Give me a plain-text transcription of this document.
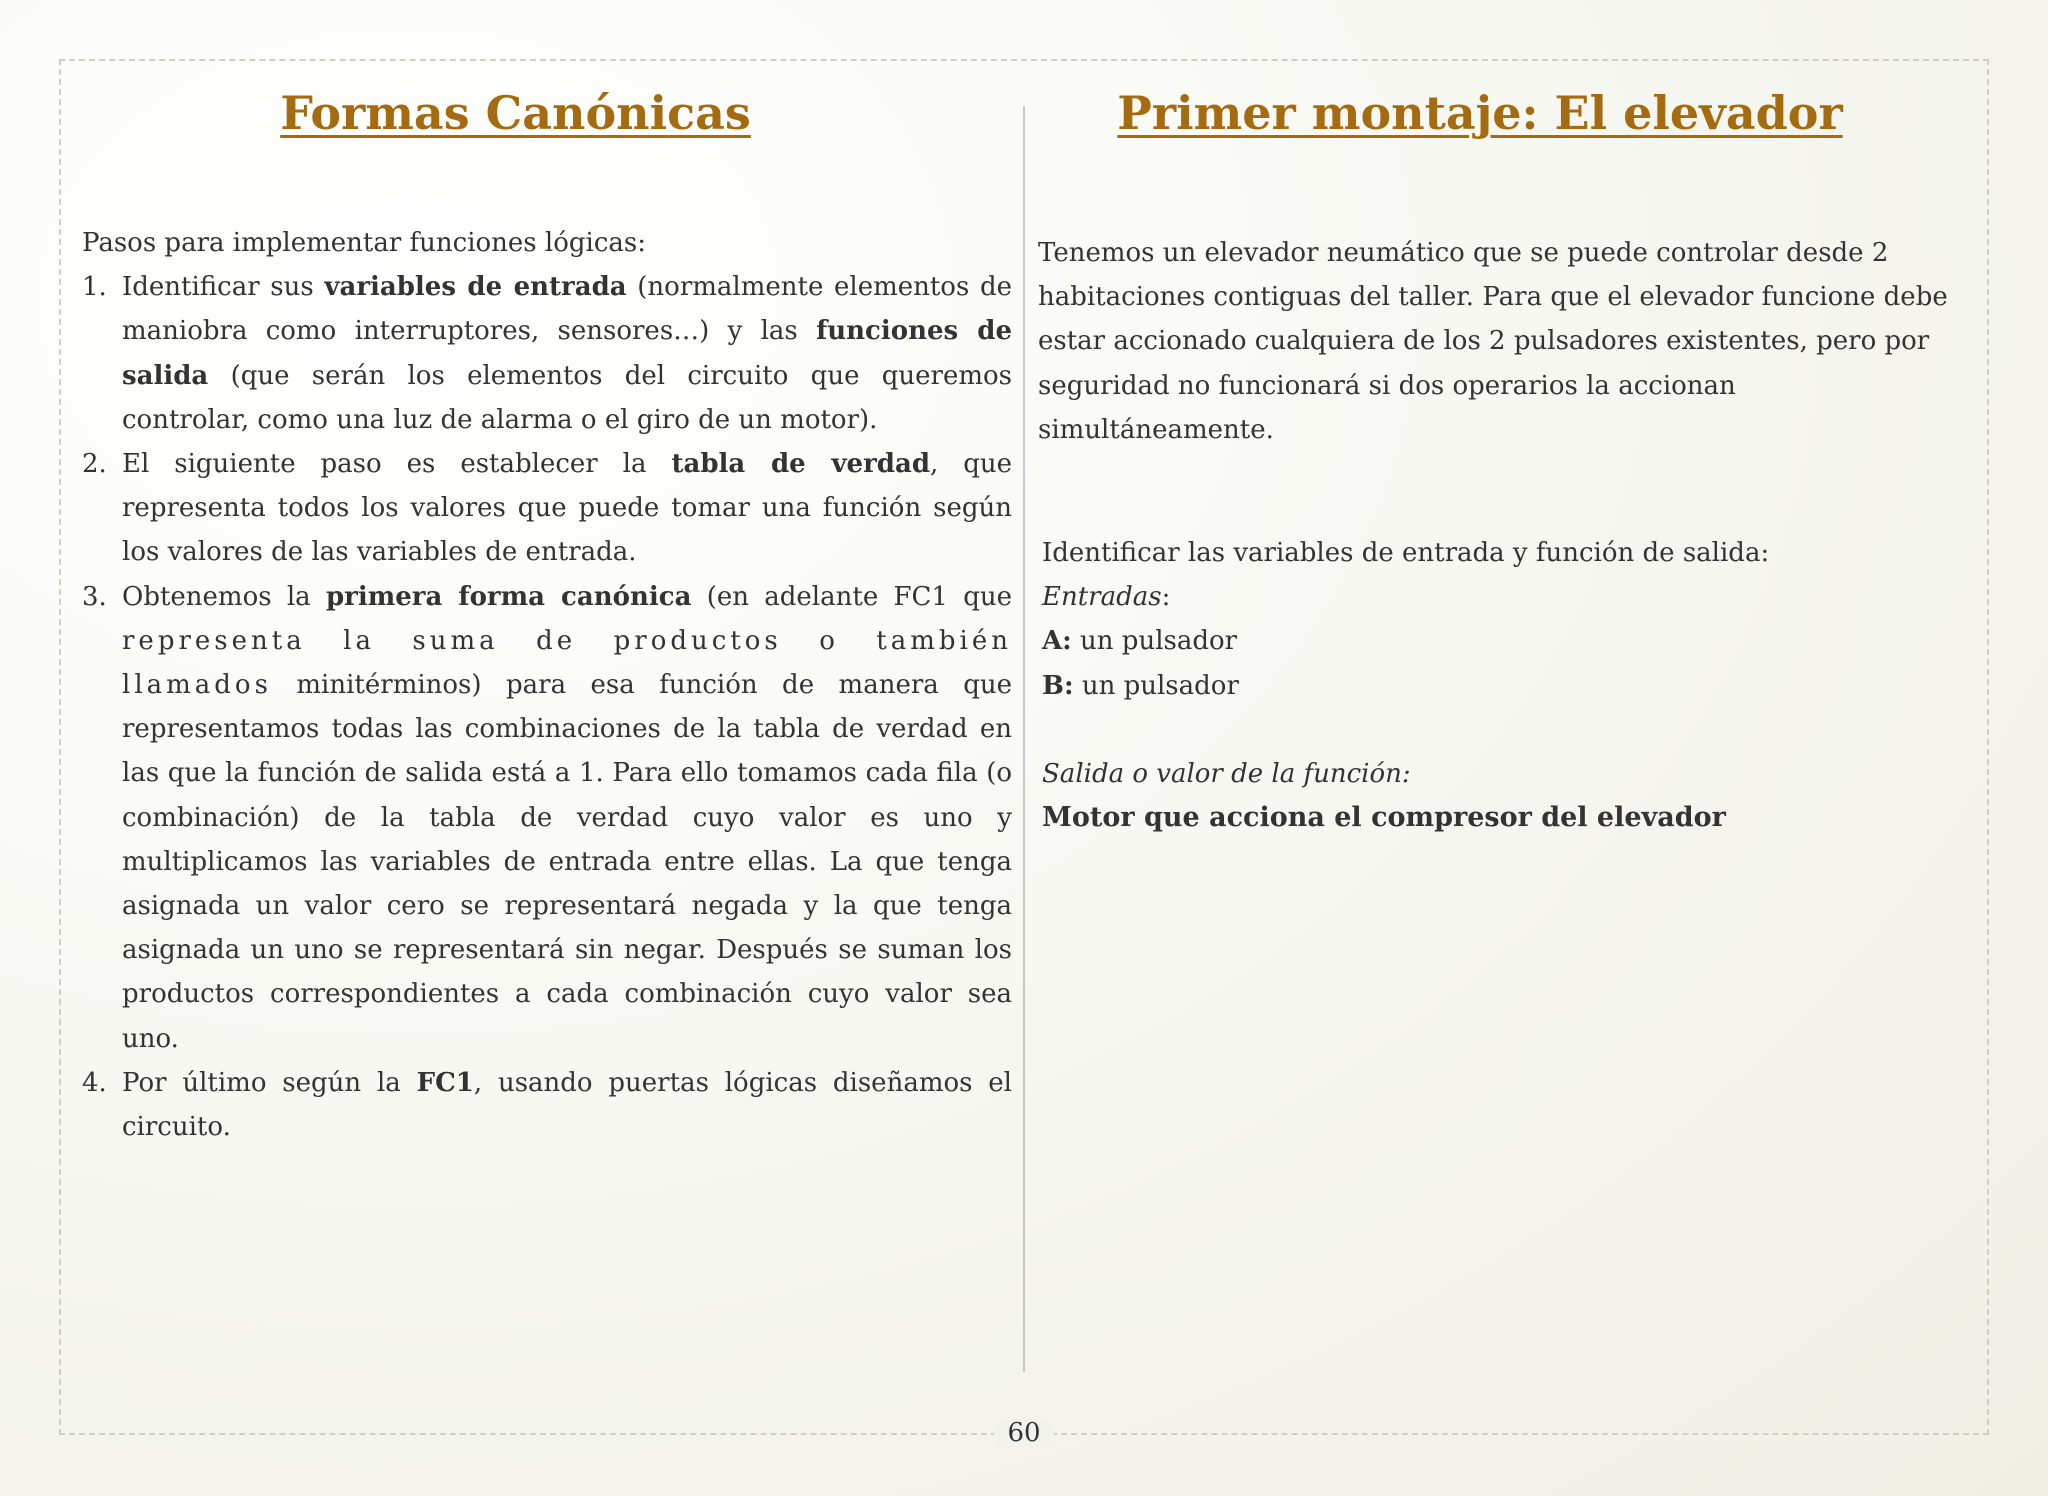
Formas Canónicas	Primer montaje: El elevador

Pasos para implementar funciones lógicas:

1. Identificar sus variables de entrada (normalmente elementos de maniobra como interruptores, sensores…) y las funciones de salida (que serán los elementos del circuito que queremos controlar, como una luz de alarma o el giro de un motor).
2. El siguiente paso es establecer la tabla de verdad, que representa todos los valores que puede tomar una función según los valores de las variables de entrada.
3. Obtenemos la primera forma canónica (en adelante FC1 que representa la suma de productos o también llamados minitérminos) para esa función de manera que representamos todas las combinaciones de la tabla de verdad en las que la función de salida está a 1. Para ello tomamos cada fila (o combinación) de la tabla de verdad cuyo valor es uno y multiplicamos las variables de entrada entre ellas. La que tenga asignada un valor cero se representará negada y la que tenga asignada un uno se representará sin negar. Después se suman los productos correspondientes a cada combinación cuyo valor sea uno.
4. Por último según la FC1, usando puertas lógicas diseñamos el circuito.

Tenemos un elevador neumático que se puede controlar desde 2 habitaciones contiguas del taller. Para que el elevador funcione debe estar accionado cualquiera de los 2 pulsadores existentes, pero por seguridad no funcionará si dos operarios la accionan simultáneamente.

Identificar las variables de entrada y función de salida:
Entradas:
A: un pulsador
B: un pulsador
Salida o valor de la función:
Motor que acciona el compresor del elevador
60
